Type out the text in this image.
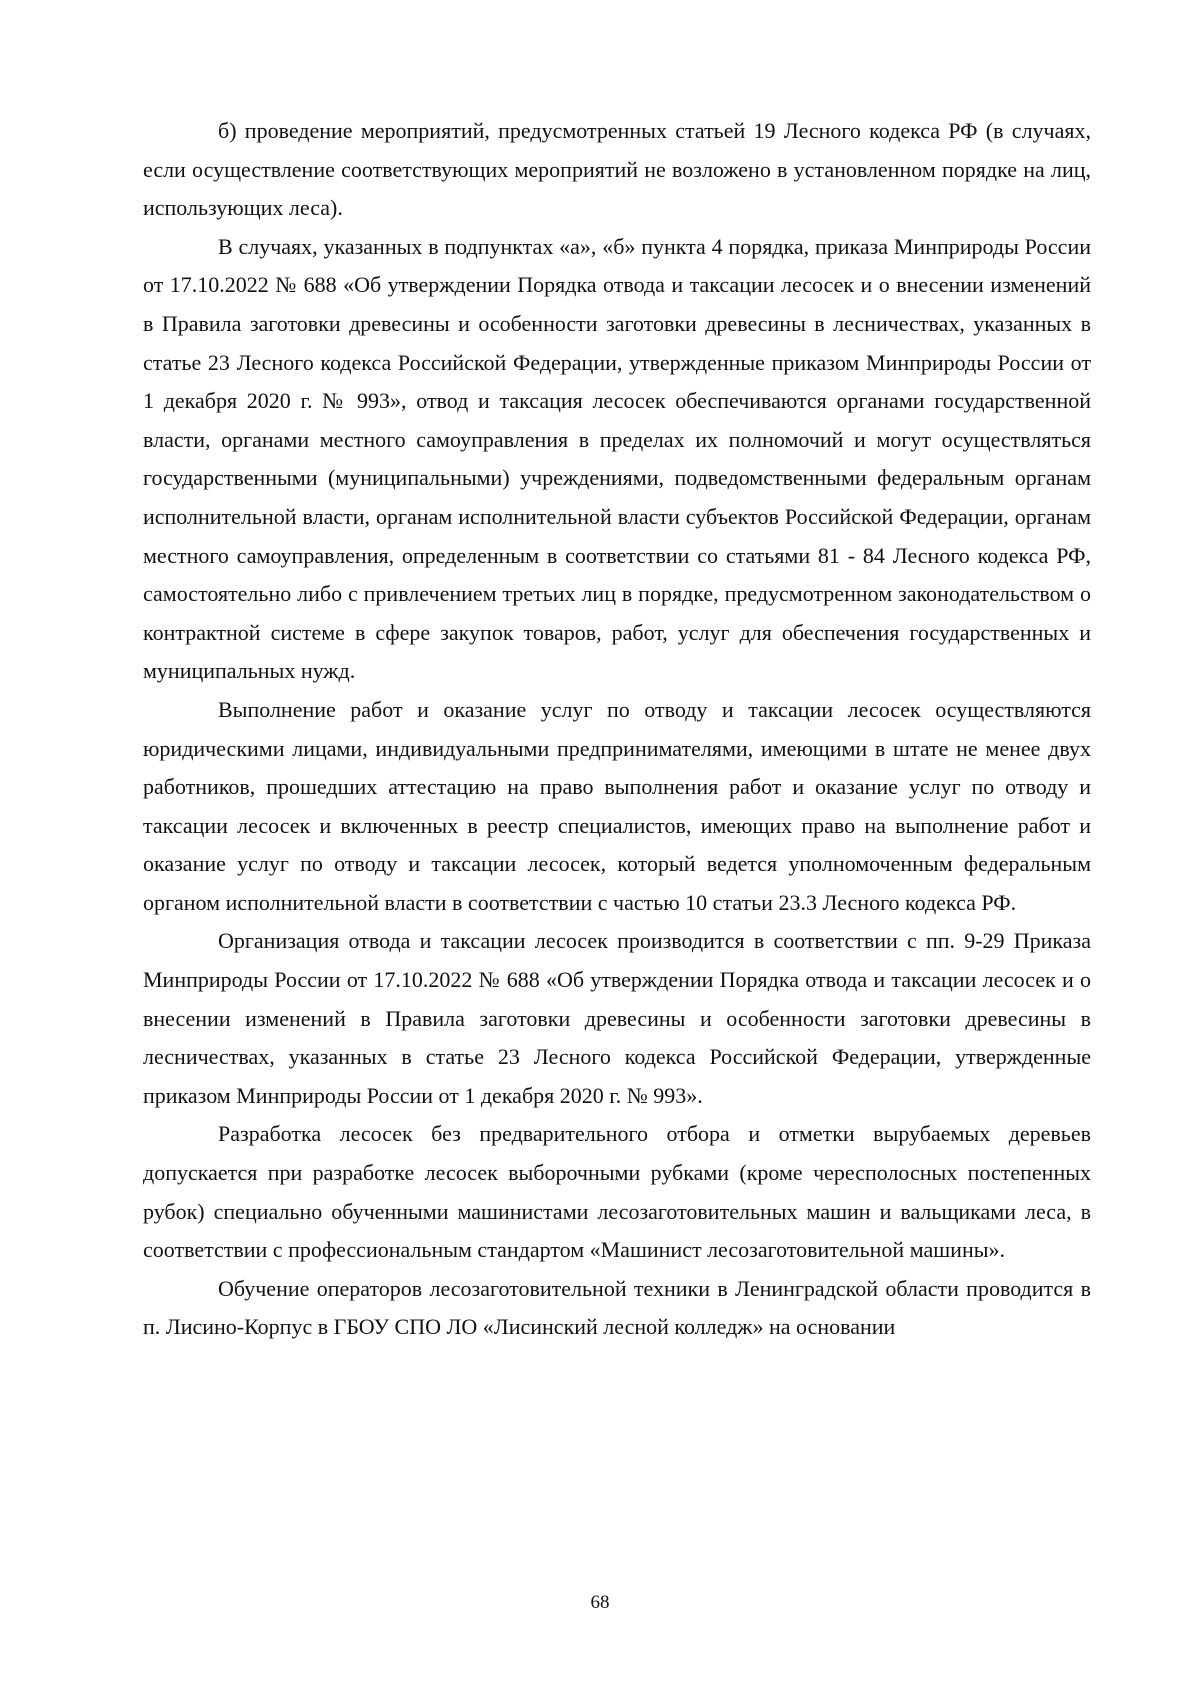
б) проведение мероприятий, предусмотренных статьей 19 Лесного кодекса РФ (в случаях, если осуществление соответствующих мероприятий не возложено в установленном порядке на лиц, использующих леса).

В случаях, указанных в подпунктах «а», «б» пункта 4 порядка, приказа Минприроды России от 17.10.2022 № 688 «Об утверждении Порядка отвода и таксации лесосек и о внесении изменений в Правила заготовки древесины и особенности заготовки древесины в лесничествах, указанных в статье 23 Лесного кодекса Российской Федерации, утвержденные приказом Минприроды России от 1 декабря 2020 г. № 993», отвод и таксация лесосек обеспечиваются органами государственной власти, органами местного самоуправления в пределах их полномочий и могут осуществляться государственными (муниципальными) учреждениями, подведомственными федеральным органам исполнительной власти, органам исполнительной власти субъектов Российской Федерации, органам местного самоуправления, определенным в соответствии со статьями 81 - 84 Лесного кодекса РФ, самостоятельно либо с привлечением третьих лиц в порядке, предусмотренном законодательством о контрактной системе в сфере закупок товаров, работ, услуг для обеспечения государственных и муниципальных нужд.

Выполнение работ и оказание услуг по отводу и таксации лесосек осуществляются юридическими лицами, индивидуальными предпринимателями, имеющими в штате не менее двух работников, прошедших аттестацию на право выполнения работ и оказание услуг по отводу и таксации лесосек и включенных в реестр специалистов, имеющих право на выполнение работ и оказание услуг по отводу и таксации лесосек, который ведется уполномоченным федеральным органом исполнительной власти в соответствии с частью 10 статьи 23.3 Лесного кодекса РФ.

Организация отвода и таксации лесосек производится в соответствии с пп. 9-29 Приказа Минприроды России от 17.10.2022 № 688 «Об утверждении Порядка отвода и таксации лесосек и о внесении изменений в Правила заготовки древесины и особенности заготовки древесины в лесничествах, указанных в статье 23 Лесного кодекса Российской Федерации, утвержденные приказом Минприроды России от 1 декабря 2020 г. № 993».

Разработка лесосек без предварительного отбора и отметки вырубаемых деревьев допускается при разработке лесосек выборочными рубками (кроме чересполосных постепенных рубок) специально обученными машинистами лесозаготовительных машин и вальщиками леса, в соответствии с профессиональным стандартом «Машинист лесозаготовительной машины».

Обучение операторов лесозаготовительной техники в Ленинградской области проводится в п. Лисино-Корпус в ГБОУ СПО ЛО «Лисинский лесной колледж» на основании

68
